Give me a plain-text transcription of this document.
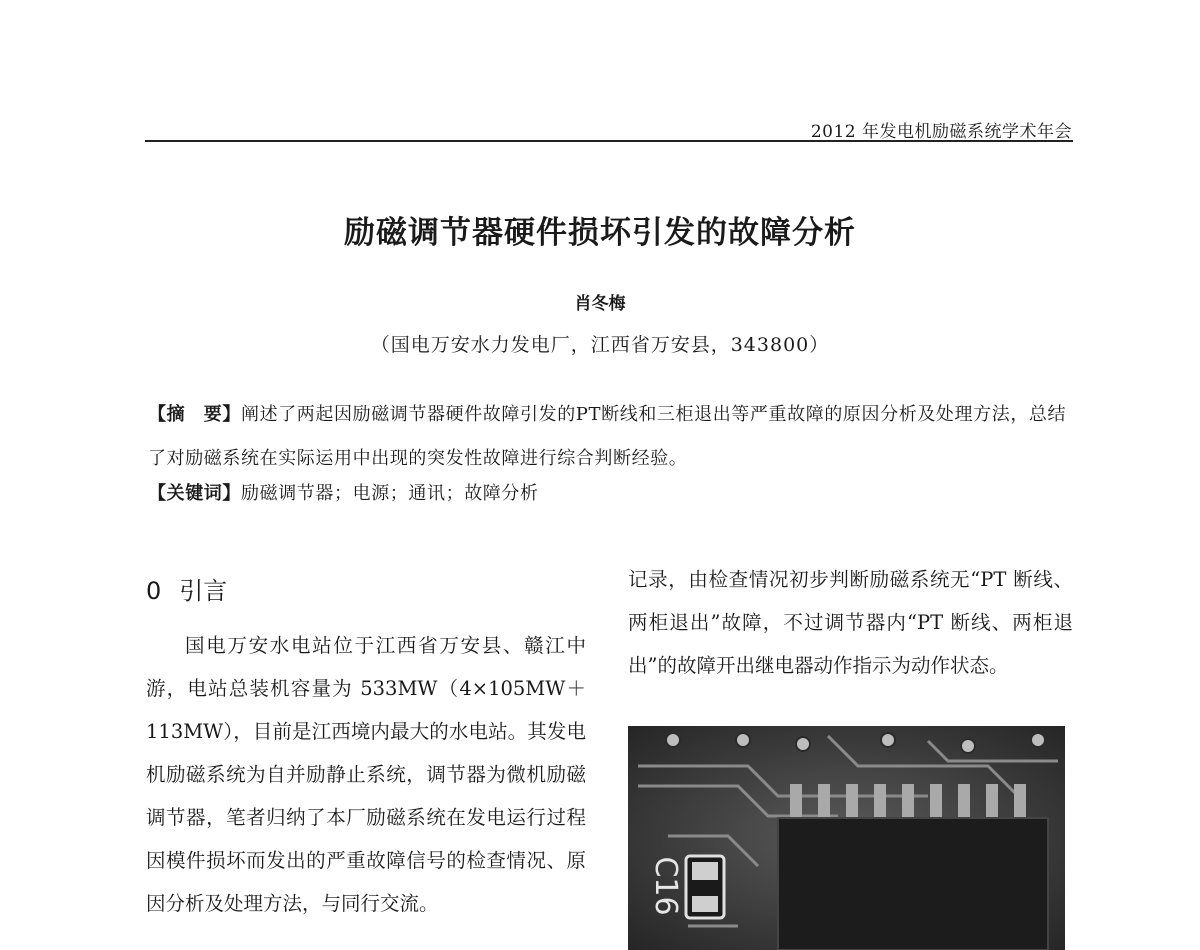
2012 年发电机励磁系统学术年会
励磁调节器硬件损坏引发的故障分析
肖冬梅
（国电万安水力发电厂，江西省万安县，343800）
【摘　要】阐述了两起因励磁调节器硬件故障引发的PT断线和三柜退出等严重故障的原因分析及处理方法，总结了对励磁系统在实际运用中出现的突发性故障进行综合判断经验。
【关键词】励磁调节器；电源；通讯；故障分析
0 引言
国电万安水电站位于江西省万安县、赣江中游，电站总装机容量为 533MW（4×105MW＋113MW），目前是江西境内最大的水电站。其发电机励磁系统为自并励静止系统，调节器为微机励磁调节器，笔者归纳了本厂励磁系统在发电运行过程因模件损坏而发出的严重故障信号的检查情况、原因分析及处理方法，与同行交流。
记录，由检查情况初步判断励磁系统无“PT 断线、两柜退出”故障，不过调节器内“PT 断线、两柜退出”的故障开出继电器动作指示为动作状态。
C16
